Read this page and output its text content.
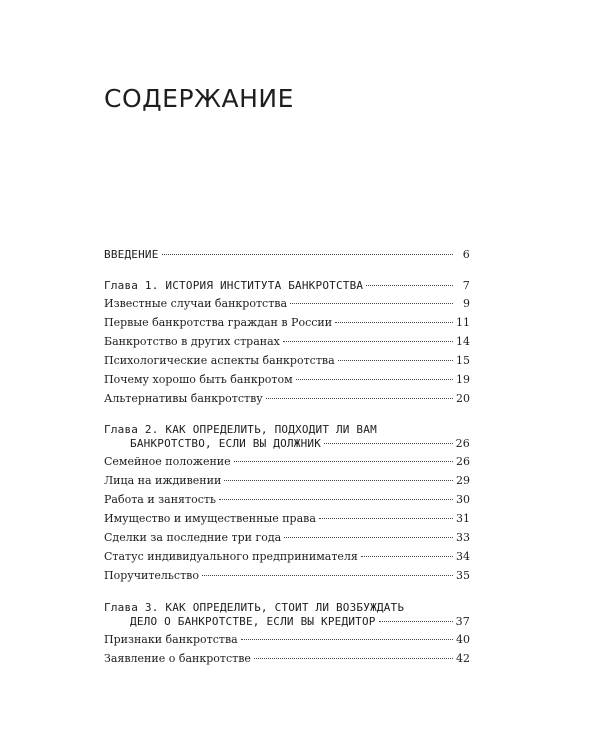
СОДЕРЖАНИЕ
ВВЕДЕНИЕ	6
Глава 1. ИСТОРИЯ ИНСТИТУТА БАНКРОТСТВА	7
Известные случаи банкротства	9
Первые банкротства граждан в России	11
Банкротство в других странах	14
Психологические аспекты банкротства	15
Почему хорошо быть банкротом	19
Альтернативы банкротству	20
Глава 2. КАК ОПРЕДЕЛИТЬ, ПОДХОДИТ ЛИ ВАМ
БАНКРОТСТВО, ЕСЛИ ВЫ ДОЛЖНИК	26
Семейное положение	26
Лица на иждивении	29
Работа и занятость	30
Имущество и имущественные права	31
Сделки за последние три года	33
Статус индивидуального предпринимателя	34
Поручительство	35
Глава 3. КАК ОПРЕДЕЛИТЬ, СТОИТ ЛИ ВОЗБУЖДАТЬ
ДЕЛО О БАНКРОТСТВЕ, ЕСЛИ ВЫ КРЕДИТОР	37
Признаки банкротства	40
Заявление о банкротстве	42
